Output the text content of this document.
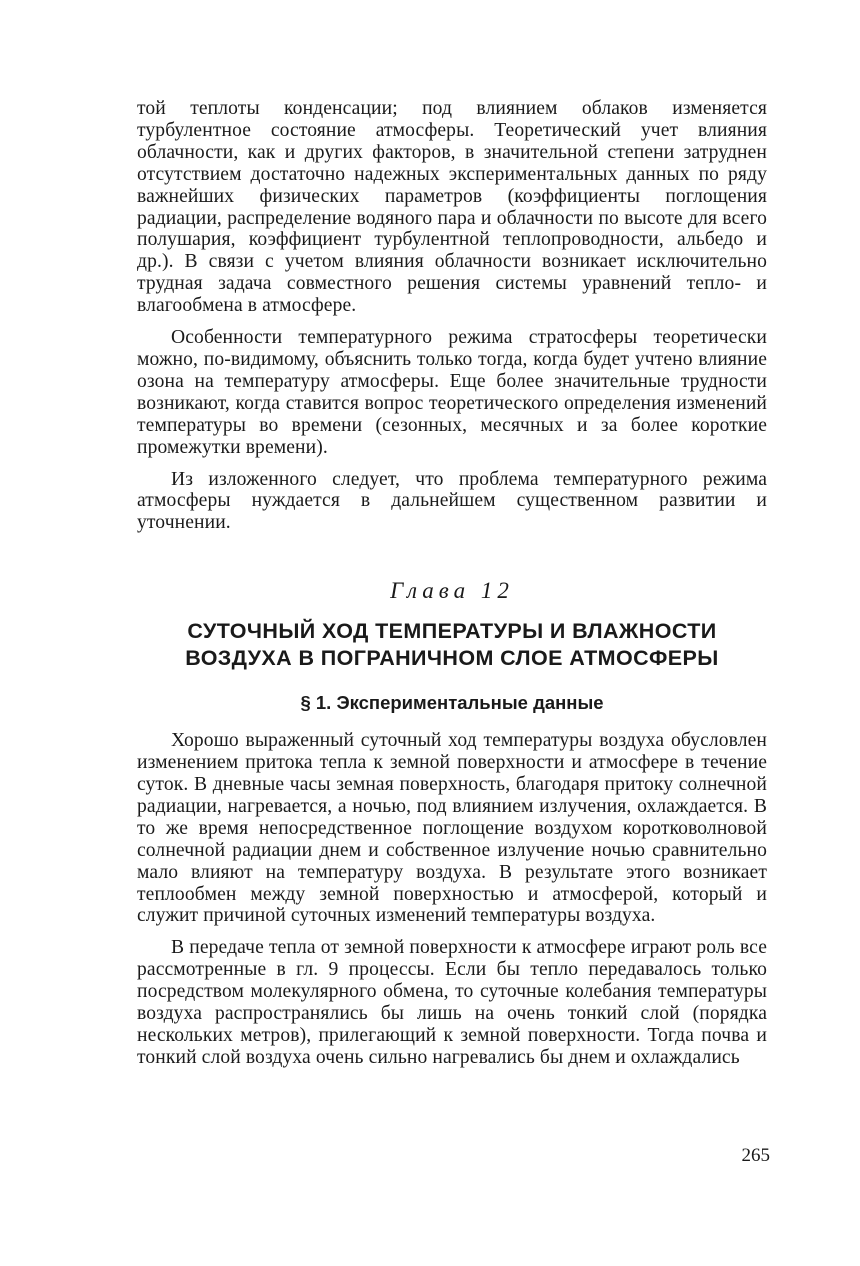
той теплоты конденсации; под влиянием облаков изменяется турбулентное состояние атмосферы. Теоретический учет влияния облачности, как и других факторов, в значительной степени затруднен отсутствием достаточно надежных экспериментальных данных по ряду важнейших физических параметров (коэффициенты поглощения радиации, распределение водяного пара и облачности по высоте для всего полушария, коэффициент турбулентной теплопроводности, альбедо и др.). В связи с учетом влияния облачности возникает исключительно трудная задача совместного решения системы уравнений тепло- и влагообмена в атмосфере.

Особенности температурного режима стратосферы теоретически можно, по-видимому, объяснить только тогда, когда будет учтено влияние озона на температуру атмосферы. Еще более значительные трудности возникают, когда ставится вопрос теоретического определения изменений температуры во времени (сезонных, месячных и за более короткие промежутки времени).

Из изложенного следует, что проблема температурного режима атмосферы нуждается в дальнейшем существенном развитии и уточнении.

Глава 12
СУТОЧНЫЙ ХОД ТЕМПЕРАТУРЫ И ВЛАЖНОСТИ
ВОЗДУХА В ПОГРАНИЧНОМ СЛОЕ АТМОСФЕРЫ
§ 1. Экспериментальные данные

Хорошо выраженный суточный ход температуры воздуха обусловлен изменением притока тепла к земной поверхности и атмосфере в течение суток. В дневные часы земная поверхность, благодаря притоку солнечной радиации, нагревается, а ночью, под влиянием излучения, охлаждается. В то же время непосредственное поглощение воздухом коротковолновой солнечной радиации днем и собственное излучение ночью сравнительно мало влияют на температуру воздуха. В результате этого возникает теплообмен между земной поверхностью и атмосферой, который и служит причиной суточных изменений температуры воздуха.

В передаче тепла от земной поверхности к атмосфере играют роль все рассмотренные в гл. 9 процессы. Если бы тепло передавалось только посредством молекулярного обмена, то суточные колебания температуры воздуха распространялись бы лишь на очень тонкий слой (порядка нескольких метров), прилегающий к земной поверхности. Тогда почва и тонкий слой воздуха очень сильно нагревались бы днем и охлаждались

265
